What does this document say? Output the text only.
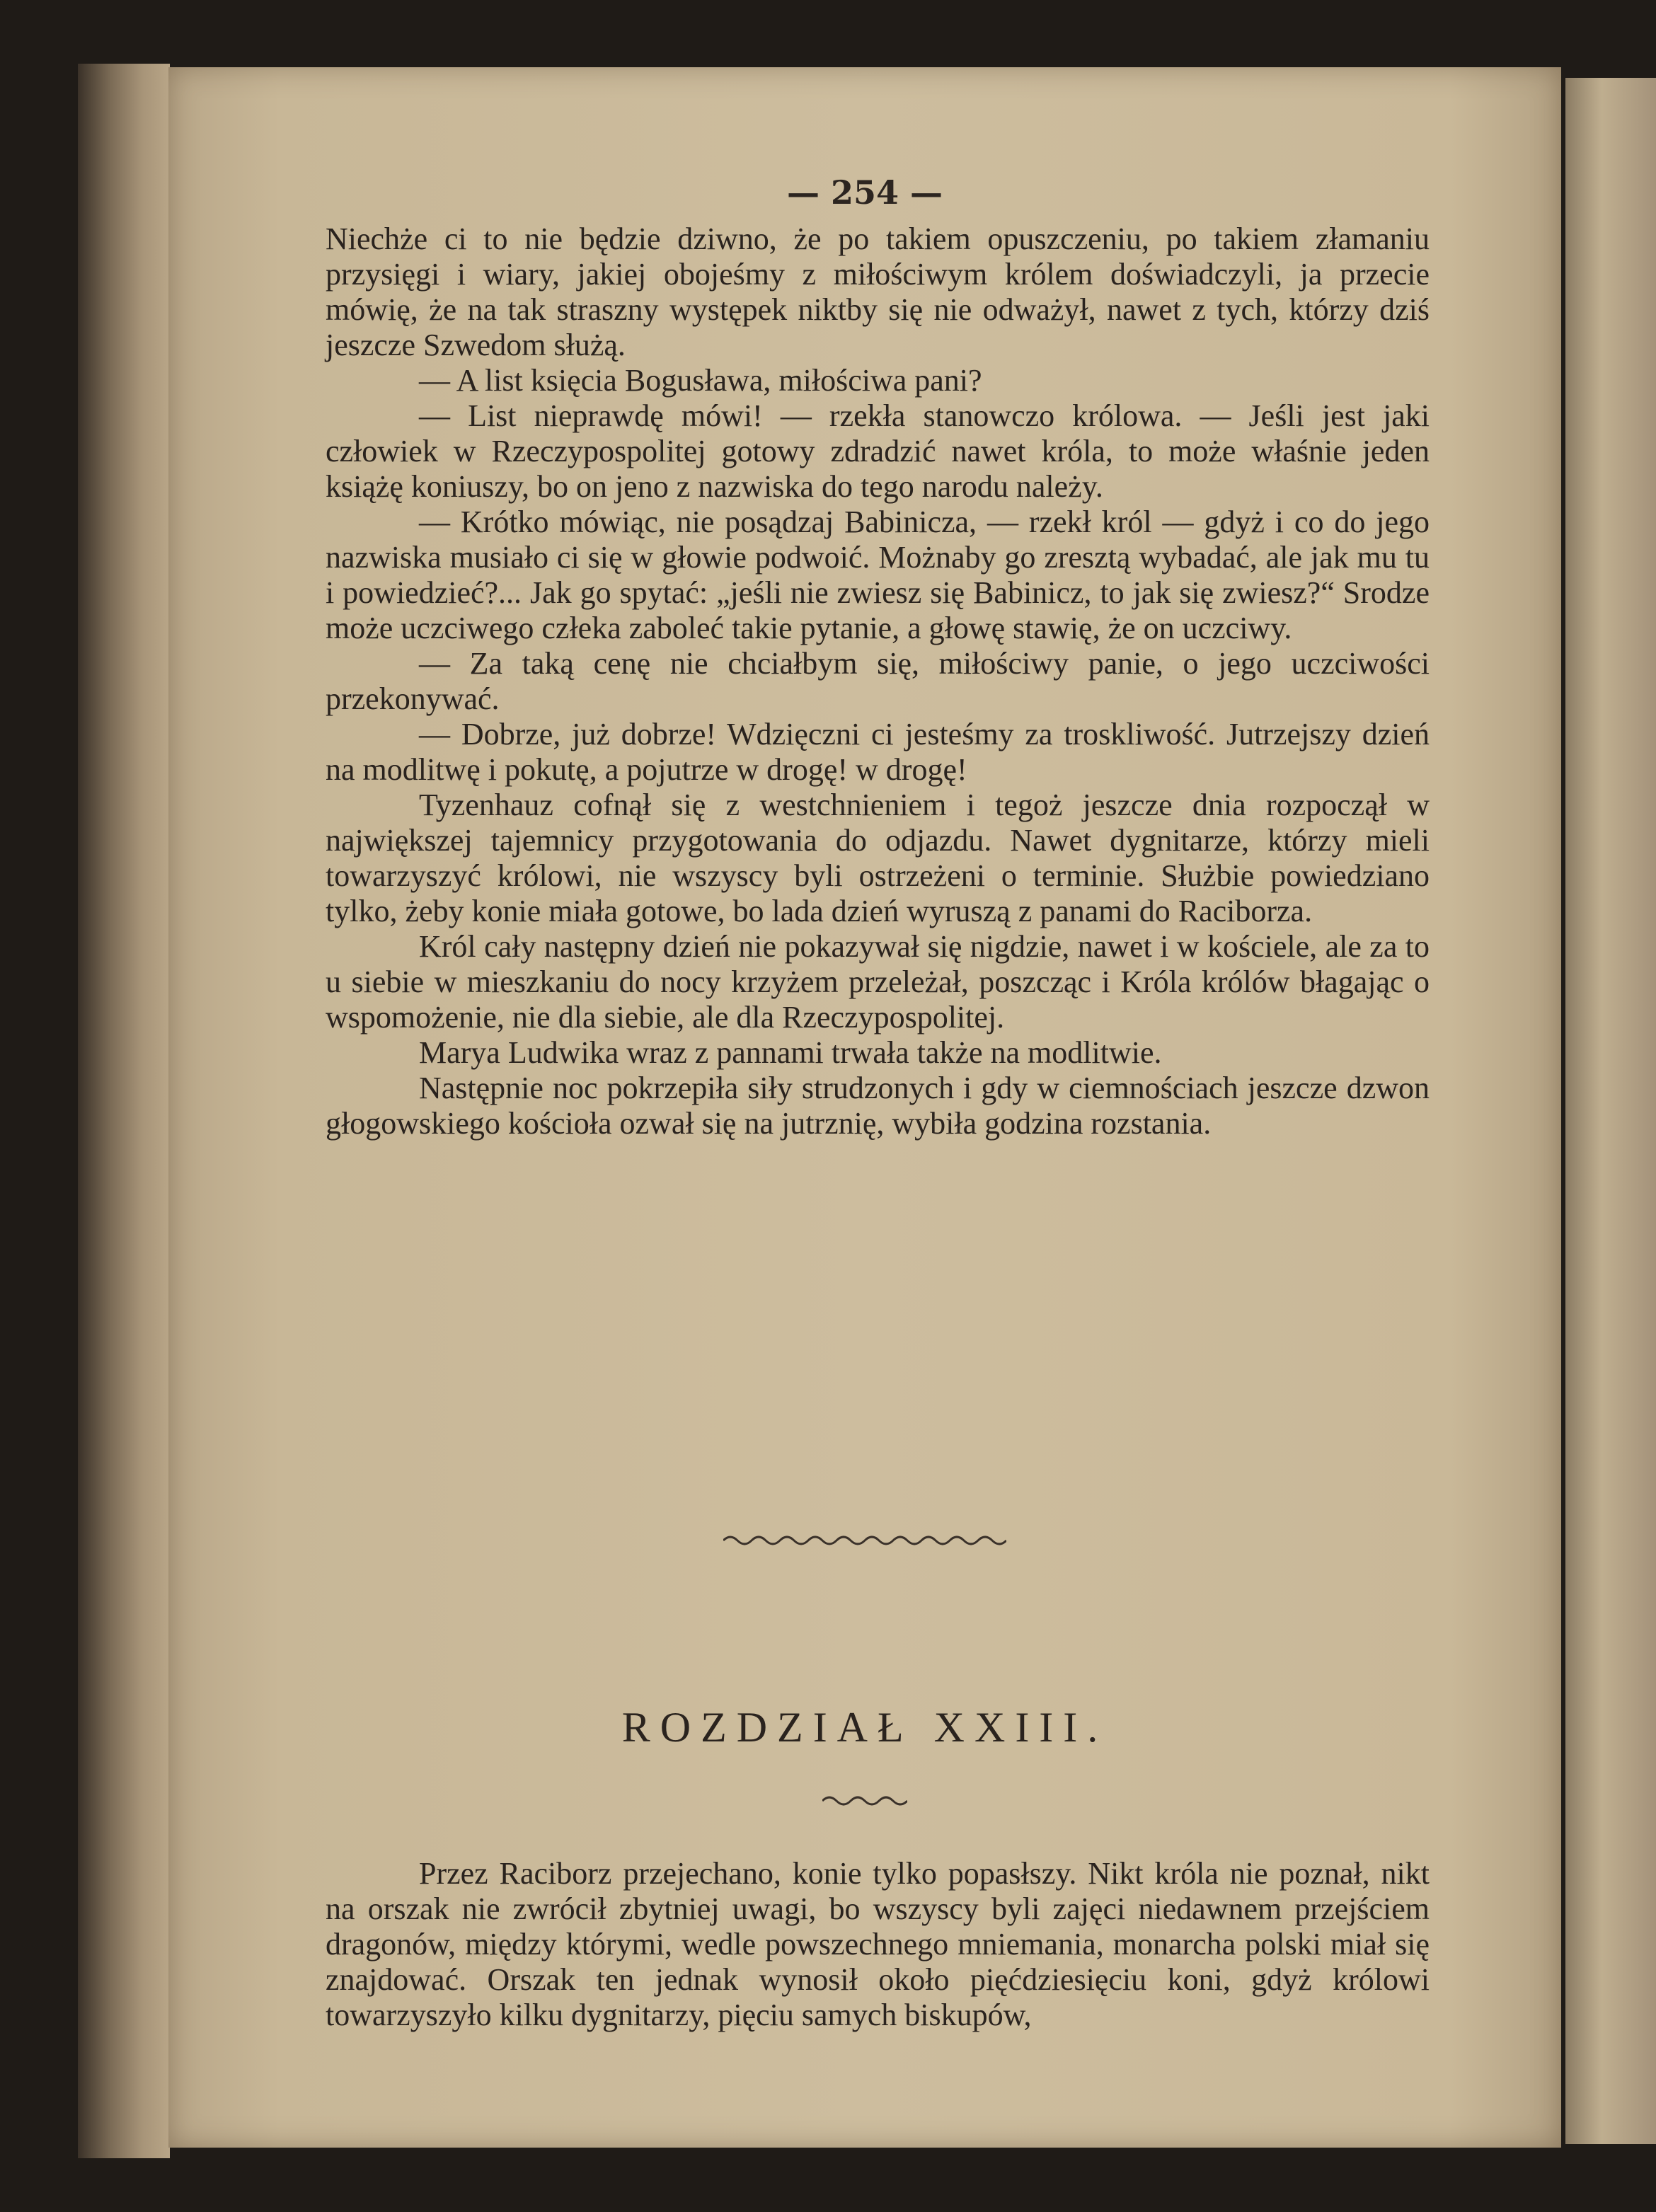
— 254 —

Niechże ci to nie będzie dziwno, że po takiem opuszczeniu, po takiem złamaniu przysięgi i wiary, jakiej obojeśmy z miłościwym królem doświadczyli, ja przecie mówię, że na tak straszny występek niktby się nie odważył, nawet z tych, którzy dziś jeszcze Szwedom służą.

— A list księcia Bogusława, miłościwa pani?

— List nieprawdę mówi! — rzekła stanowczo królowa. — Jeśli jest jaki człowiek w Rzeczypospolitej gotowy zdradzić nawet króla, to może właśnie jeden książę koniuszy, bo on jeno z nazwiska do tego narodu należy.

— Krótko mówiąc, nie posądzaj Babinicza, — rzekł król — gdyż i co do jego nazwiska musiało ci się w głowie podwoić. Możnaby go zresztą wybadać, ale jak mu tu i powiedzieć?... Jak go spytać: „jeśli nie zwiesz się Babinicz, to jak się zwiesz?“ Srodze może uczciwego człeka zaboleć takie pytanie, a głowę stawię, że on uczciwy.

— Za taką cenę nie chciałbym się, miłościwy panie, o jego uczciwości przekonywać.

— Dobrze, już dobrze! Wdzięczni ci jesteśmy za troskliwość. Jutrzejszy dzień na modlitwę i pokutę, a pojutrze w drogę! w drogę!

Tyzenhauz cofnął się z westchnieniem i tegoż jeszcze dnia rozpoczął w największej tajemnicy przygotowania do odjazdu. Nawet dygnitarze, którzy mieli towarzyszyć królowi, nie wszyscy byli ostrzeżeni o terminie. Służbie powiedziano tylko, żeby konie miała gotowe, bo lada dzień wyruszą z panami do Raciborza.

Król cały następny dzień nie pokazywał się nigdzie, nawet i w kościele, ale za to u siebie w mieszkaniu do nocy krzyżem przeleżał, poszcząc i Króla królów błagając o wspomożenie, nie dla siebie, ale dla Rzeczypospolitej.

Marya Ludwika wraz z pannami trwała także na modlitwie.

Następnie noc pokrzepiła siły strudzonych i gdy w ciemnościach jeszcze dzwon głogowskiego kościoła ozwał się na jutrznię, wybiła godzina rozstania.

ROZDZIAŁ XXIII.

Przez Raciborz przejechano, konie tylko popasłszy. Nikt króla nie poznał, nikt na orszak nie zwrócił zbytniej uwagi, bo wszyscy byli zajęci niedawnem przejściem dragonów, między którymi, wedle powszechnego mniemania, monarcha polski miał się znajdować. Orszak ten jednak wynosił około pięćdziesięciu koni, gdyż królowi towarzyszyło kilku dygnitarzy, pięciu samych biskupów,
